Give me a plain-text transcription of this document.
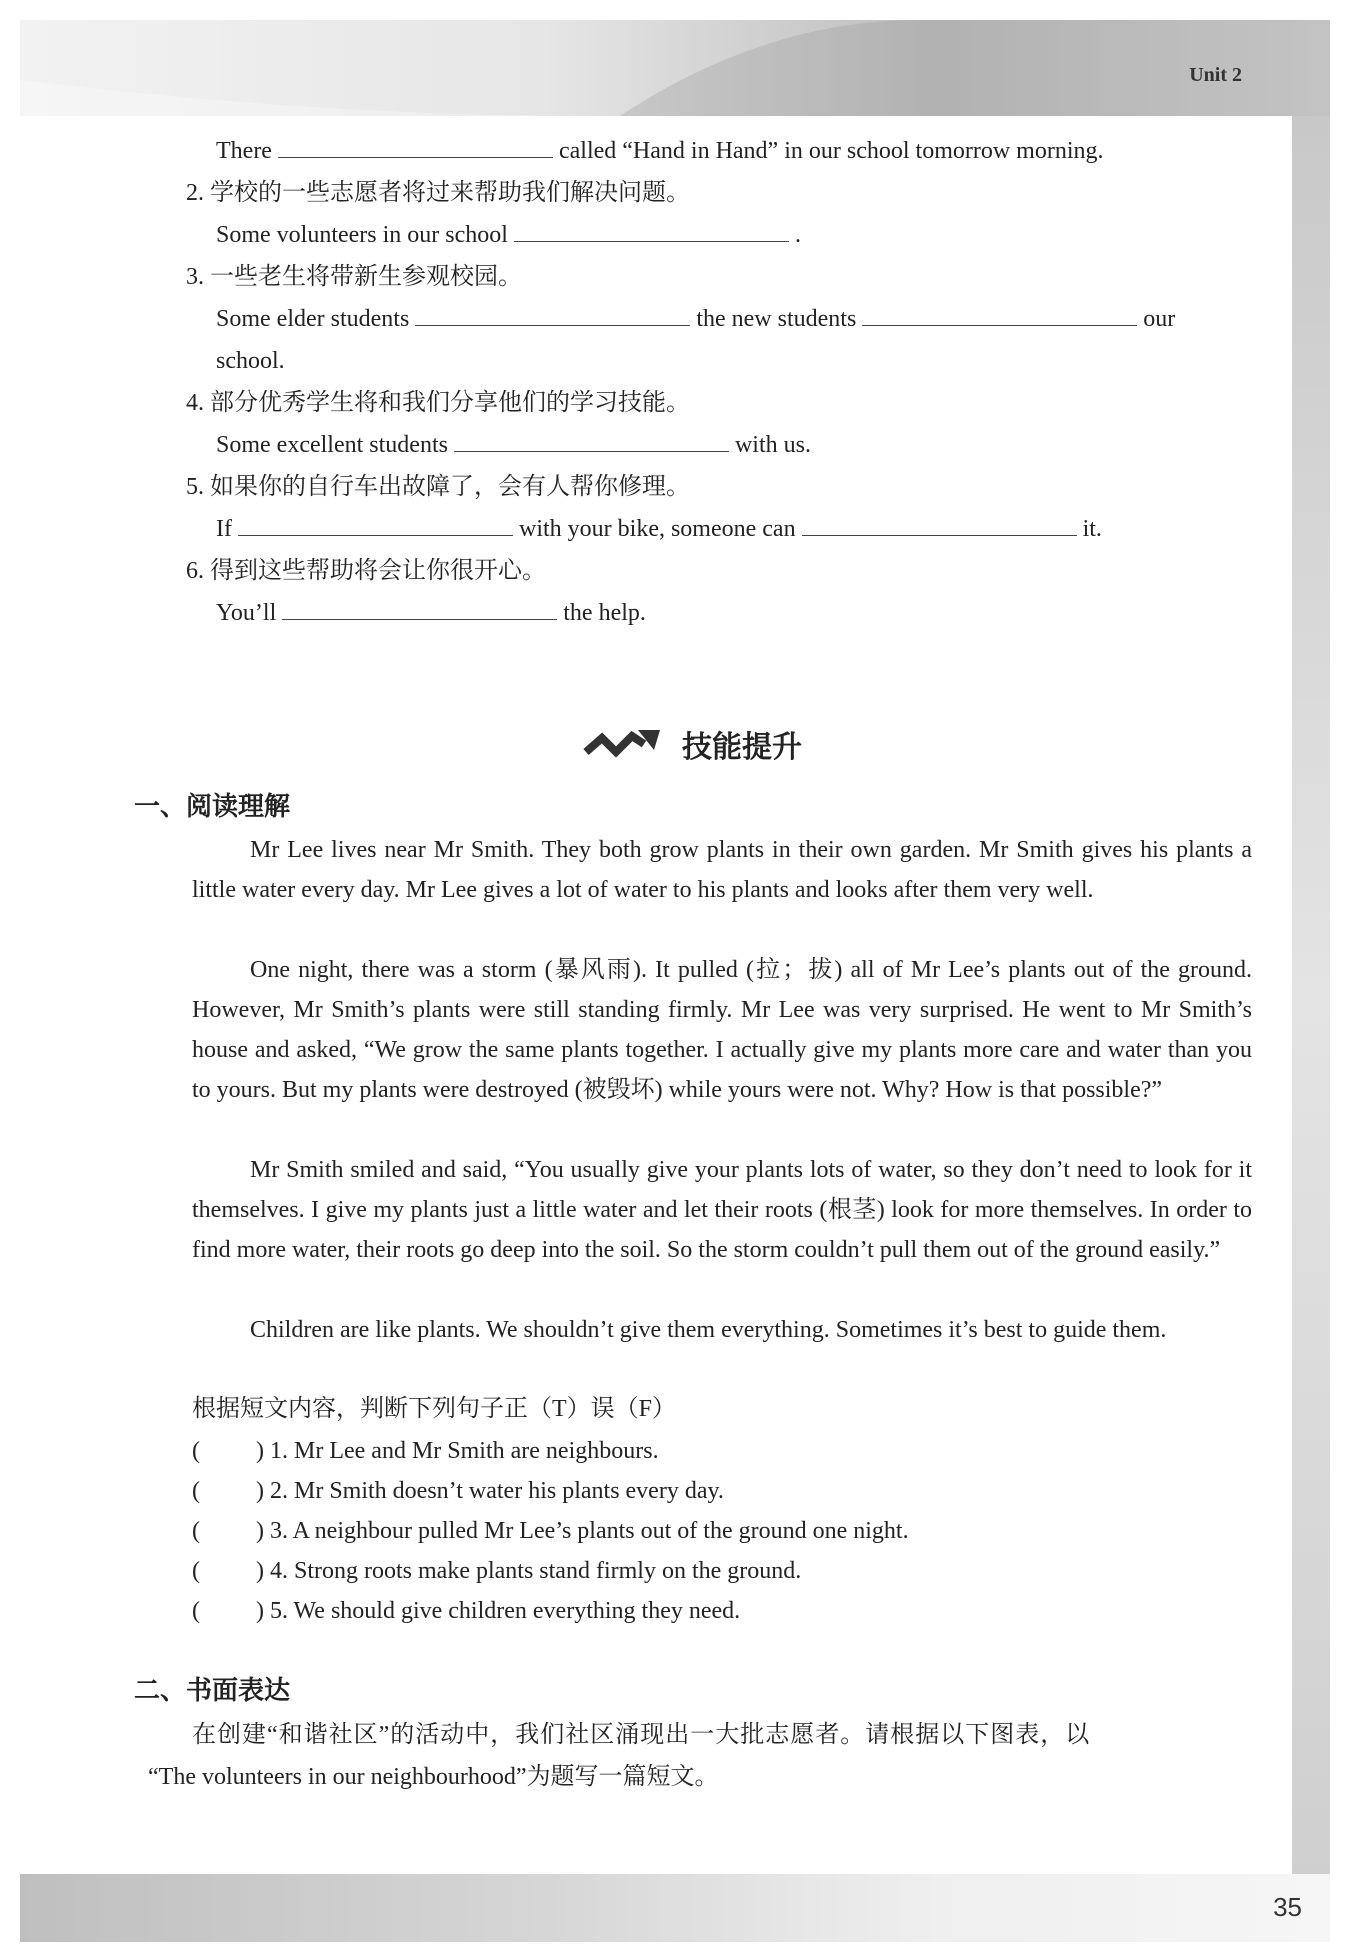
Unit 2
35
There	called “Hand in Hand” in our school tomorrow morning.
2. 学校的一些志愿者将过来帮助我们解决问题。
Some volunteers in our school	.
3. 一些老生将带新生参观校园。
Some elder students	the new students	our
school.
4. 部分优秀学生将和我们分享他们的学习技能。
Some excellent students	with us.
5. 如果你的自行车出故障了，会有人帮你修理。
If	with your bike, someone can	it.
6. 得到这些帮助将会让你很开心。
You’ll	the help.
技能提升
一、阅读理解
Mr Lee lives near Mr Smith. They both grow plants in their own garden. Mr Smith gives his plants a little water every day. Mr Lee gives a lot of water to his plants and looks after them very well.
One night, there was a storm (暴风雨). It pulled (拉；拔) all of Mr Lee’s plants out of the ground. However, Mr Smith’s plants were still standing firmly. Mr Lee was very surprised. He went to Mr Smith’s house and asked, “We grow the same plants together. I actually give my plants more care and water than you to yours. But my plants were destroyed (被毁坏) while yours were not. Why? How is that possible?”
Mr Smith smiled and said, “You usually give your plants lots of water, so they don’t need to look for it themselves. I give my plants just a little water and let their roots (根茎) look for more themselves. In order to find more water, their roots go deep into the soil. So the storm couldn’t pull them out of the ground easily.”
Children are like plants. We shouldn’t give them everything. Sometimes it’s best to guide them.
根据短文内容，判断下列句子正（T）误（F）
( ) 1. Mr Lee and Mr Smith are neighbours.
( ) 2. Mr Smith doesn’t water his plants every day.
( ) 3. A neighbour pulled Mr Lee’s plants out of the ground one night.
( ) 4. Strong roots make plants stand firmly on the ground.
( ) 5. We should give children everything they need.
二、书面表达
在创建“和谐社区”的活动中，我们社区涌现出一大批志愿者。请根据以下图表，以
“The volunteers in our neighbourhood”为题写一篇短文。
